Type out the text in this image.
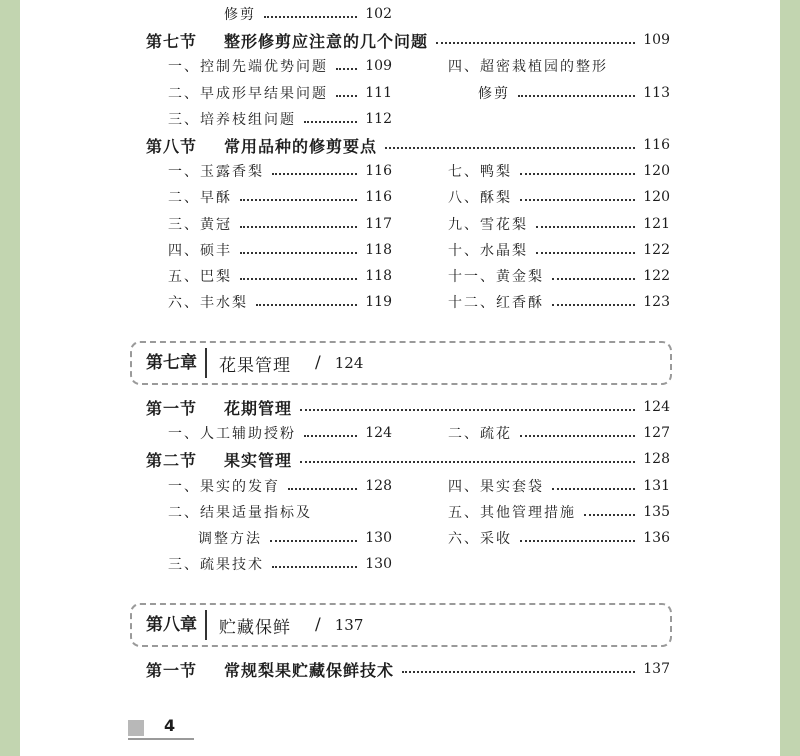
修剪	102
第七节 整形修剪应注意的几个问题	109
一、控制先端优势问题	109	四、超密栽植园的整形
二、早成形早结果问题	111	修剪	113
三、培养枝组问题	112
第八节 常用品种的修剪要点	116
一、玉露香梨	116	七、鸭梨	120
二、早酥	116	八、酥梨	120
三、黄冠	117	九、雪花梨	121
四、硕丰	118	十、水晶梨	122
五、巴梨	118	十一、黄金梨	122
六、丰水梨	119	十二、红香酥	123
第七章	花果管理	/ 124
第一节 花期管理	124
一、人工辅助授粉	124	二、疏花	127
第二节 果实管理	128
一、果实的发育	128	四、果实套袋	131
二、结果适量指标及	五、其他管理措施	135
调整方法	130	六、采收	136
三、疏果技术	130
第八章	贮藏保鲜	/ 137
第一节 常规梨果贮藏保鲜技术	137
4
